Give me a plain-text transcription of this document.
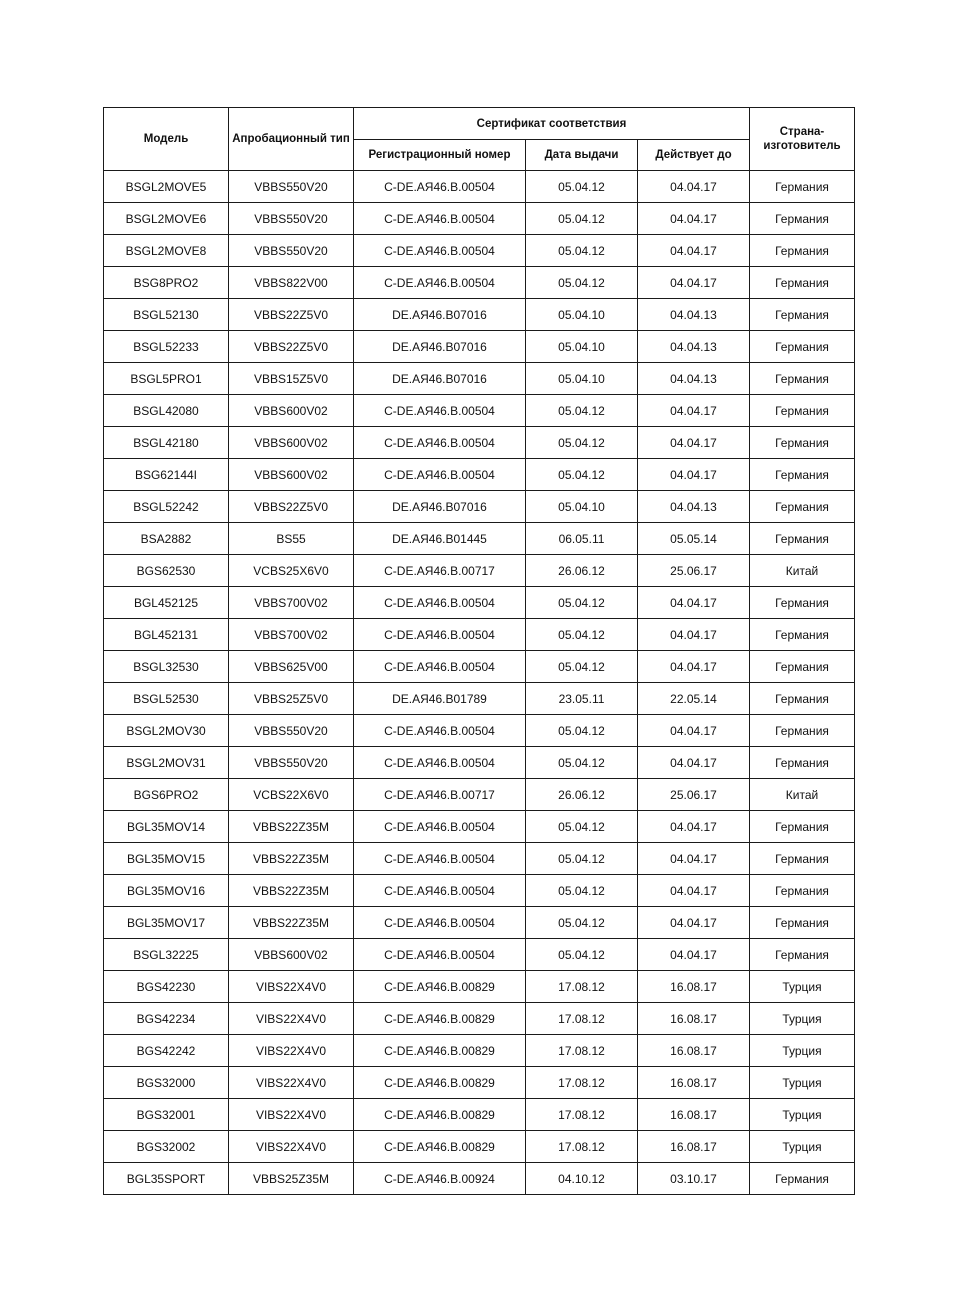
Модель	Апробационный тип	Сертификат соответствия			Страна-изготовитель
		Регистрационный номер	Дата выдачи	Действует до	
BSGL2MOVE5	VBBS550V20	C-DE.АЯ46.В.00504	05.04.12	04.04.17	Германия
BSGL2MOVE6	VBBS550V20	C-DE.АЯ46.В.00504	05.04.12	04.04.17	Германия
BSGL2MOVE8	VBBS550V20	C-DE.АЯ46.В.00504	05.04.12	04.04.17	Германия
BSG8PRO2	VBBS822V00	C-DE.АЯ46.В.00504	05.04.12	04.04.17	Германия
BSGL52130	VBBS22Z5V0	DE.АЯ46.В07016	05.04.10	04.04.13	Германия
BSGL52233	VBBS22Z5V0	DE.АЯ46.В07016	05.04.10	04.04.13	Германия
BSGL5PRO1	VBBS15Z5V0	DE.АЯ46.В07016	05.04.10	04.04.13	Германия
BSGL42080	VBBS600V02	C-DE.АЯ46.В.00504	05.04.12	04.04.17	Германия
BSGL42180	VBBS600V02	C-DE.АЯ46.В.00504	05.04.12	04.04.17	Германия
BSG62144I	VBBS600V02	C-DE.АЯ46.В.00504	05.04.12	04.04.17	Германия
BSGL52242	VBBS22Z5V0	DE.АЯ46.В07016	05.04.10	04.04.13	Германия
BSA2882	BS55	DE.АЯ46.В01445	06.05.11	05.05.14	Германия
BGS62530	VCBS25X6V0	C-DE.АЯ46.В.00717	26.06.12	25.06.17	Китай
BGL452125	VBBS700V02	C-DE.АЯ46.В.00504	05.04.12	04.04.17	Германия
BGL452131	VBBS700V02	C-DE.АЯ46.В.00504	05.04.12	04.04.17	Германия
BSGL32530	VBBS625V00	C-DE.АЯ46.В.00504	05.04.12	04.04.17	Германия
BSGL52530	VBBS25Z5V0	DE.АЯ46.В01789	23.05.11	22.05.14	Германия
BSGL2MOV30	VBBS550V20	C-DE.АЯ46.В.00504	05.04.12	04.04.17	Германия
BSGL2MOV31	VBBS550V20	C-DE.АЯ46.В.00504	05.04.12	04.04.17	Германия
BGS6PRO2	VCBS22X6V0	C-DE.АЯ46.В.00717	26.06.12	25.06.17	Китай
BGL35MOV14	VBBS22Z35M	C-DE.АЯ46.В.00504	05.04.12	04.04.17	Германия
BGL35MOV15	VBBS22Z35M	C-DE.АЯ46.В.00504	05.04.12	04.04.17	Германия
BGL35MOV16	VBBS22Z35M	C-DE.АЯ46.В.00504	05.04.12	04.04.17	Германия
BGL35MOV17	VBBS22Z35M	C-DE.АЯ46.В.00504	05.04.12	04.04.17	Германия
BSGL32225	VBBS600V02	C-DE.АЯ46.В.00504	05.04.12	04.04.17	Германия
BGS42230	VIBS22X4V0	C-DE.АЯ46.В.00829	17.08.12	16.08.17	Турция
BGS42234	VIBS22X4V0	C-DE.АЯ46.В.00829	17.08.12	16.08.17	Турция
BGS42242	VIBS22X4V0	C-DE.АЯ46.В.00829	17.08.12	16.08.17	Турция
BGS32000	VIBS22X4V0	C-DE.АЯ46.В.00829	17.08.12	16.08.17	Турция
BGS32001	VIBS22X4V0	C-DE.АЯ46.В.00829	17.08.12	16.08.17	Турция
BGS32002	VIBS22X4V0	C-DE.АЯ46.В.00829	17.08.12	16.08.17	Турция
BGL35SPORT	VBBS25Z35M	C-DE.АЯ46.В.00924	04.10.12	03.10.17	Германия
